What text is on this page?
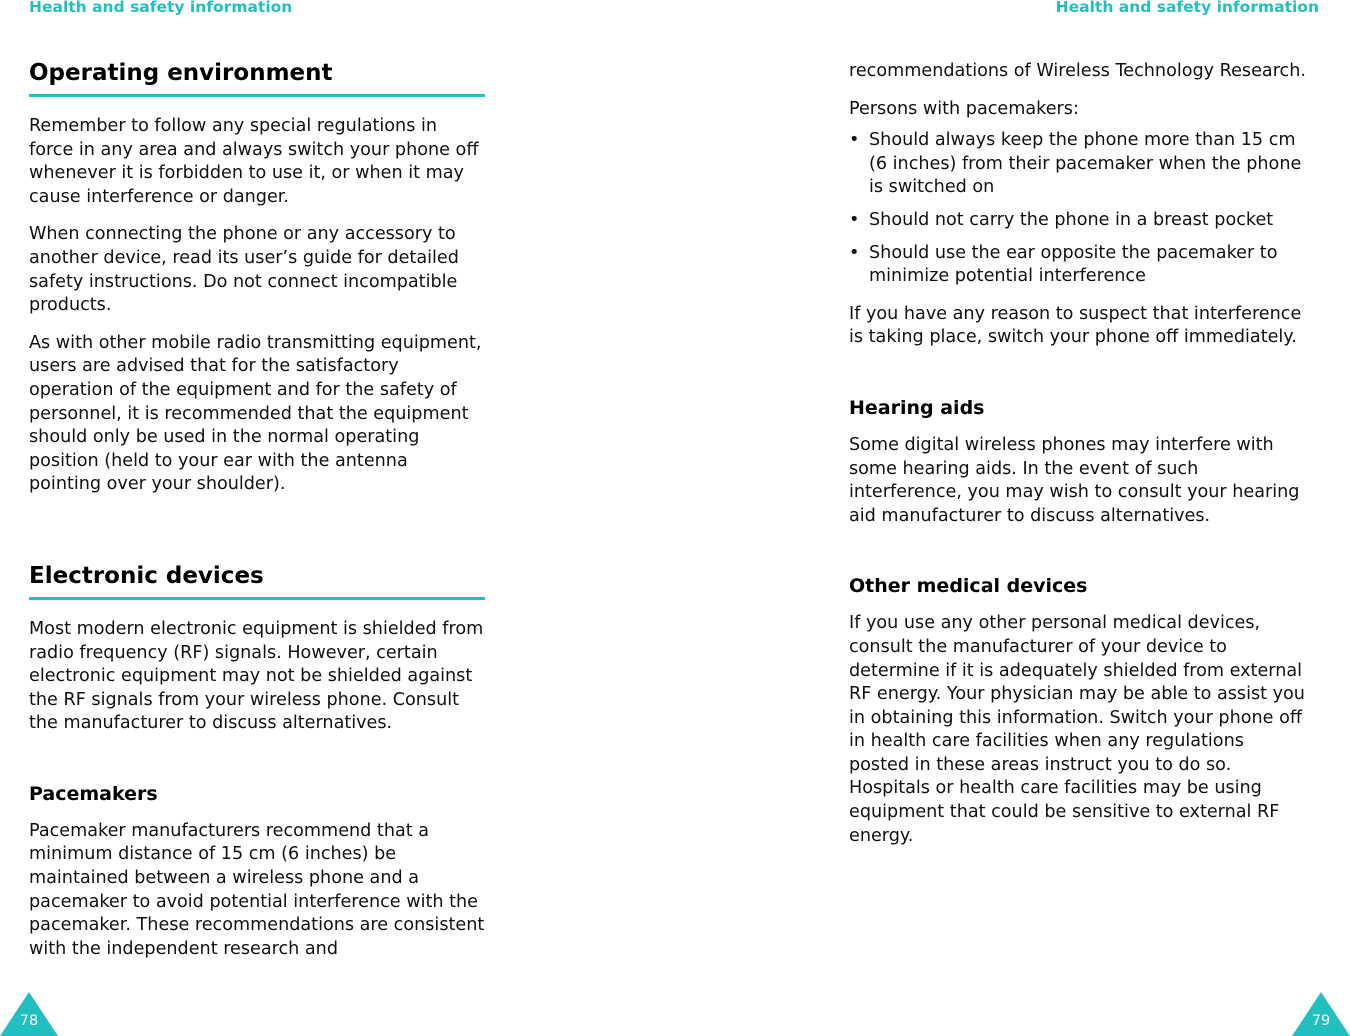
Health and safety information	Health and safety information
Operating environment

Remember to follow any special regulations in force in any area and always switch your phone off whenever it is forbidden to use it, or when it may cause interference or danger.

When connecting the phone or any accessory to another device, read its user’s guide for detailed safety instructions. Do not connect incompatible products.

As with other mobile radio transmitting equipment, users are advised that for the satisfactory operation of the equipment and for the safety of personnel, it is recommended that the equipment should only be used in the normal operating position (held to your ear with the antenna pointing over your shoulder).

Electronic devices

Most modern electronic equipment is shielded from radio frequency (RF) signals. However, certain electronic equipment may not be shielded against the RF signals from your wireless phone. Consult the manufacturer to discuss alternatives.

Pacemakers

Pacemaker manufacturers recommend that a minimum distance of 15 cm (6 inches) be maintained between a wireless phone and a pacemaker to avoid potential interference with the pacemaker. These recommendations are consistent with the independent research and

recommendations of Wireless Technology Research.

Persons with pacemakers:

• Should always keep the phone more than 15 cm (6 inches) from their pacemaker when the phone is switched on
• Should not carry the phone in a breast pocket
• Should use the ear opposite the pacemaker to minimize potential interference

If you have any reason to suspect that interference is taking place, switch your phone off immediately.

Hearing aids

Some digital wireless phones may interfere with some hearing aids. In the event of such interference, you may wish to consult your hearing aid manufacturer to discuss alternatives.

Other medical devices

If you use any other personal medical devices, consult the manufacturer of your device to determine if it is adequately shielded from external RF energy. Your physician may be able to assist you in obtaining this information. Switch your phone off in health care facilities when any regulations posted in these areas instruct you to do so. Hospitals or health care facilities may be using equipment that could be sensitive to external RF energy.

78	79
